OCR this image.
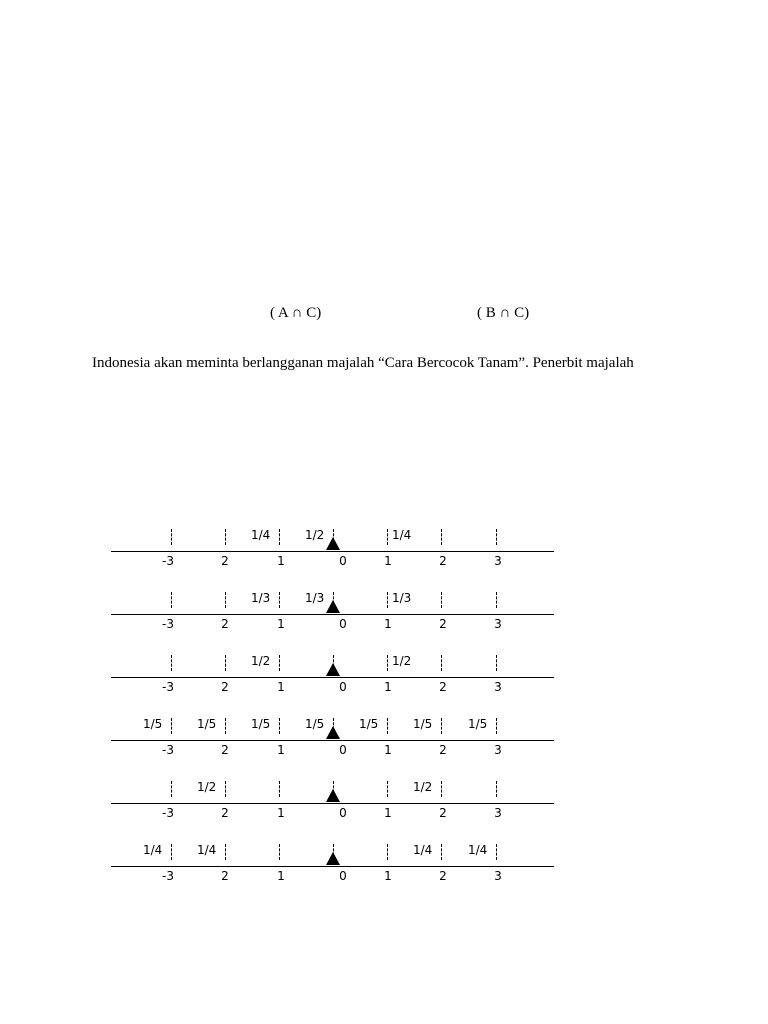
( A ∩ C)	( B ∩ C)
Indonesia akan meminta berlangganan majalah “Cara Bercocok Tanam”. Penerbit majalah
1/4	1/2	1/4
-3	2	1	0	1	2	3
1/3	1/3	1/3
-3	2	1	0	1	2	3
1/2	1/2
-3	2	1	0	1	2	3
1/5	1/5	1/5	1/5	1/5	1/5	1/5
-3	2	1	0	1	2	3
1/2	1/2
-3	2	1	0	1	2	3
1/4	1/4	1/4	1/4
-3	2	1	0	1	2	3
